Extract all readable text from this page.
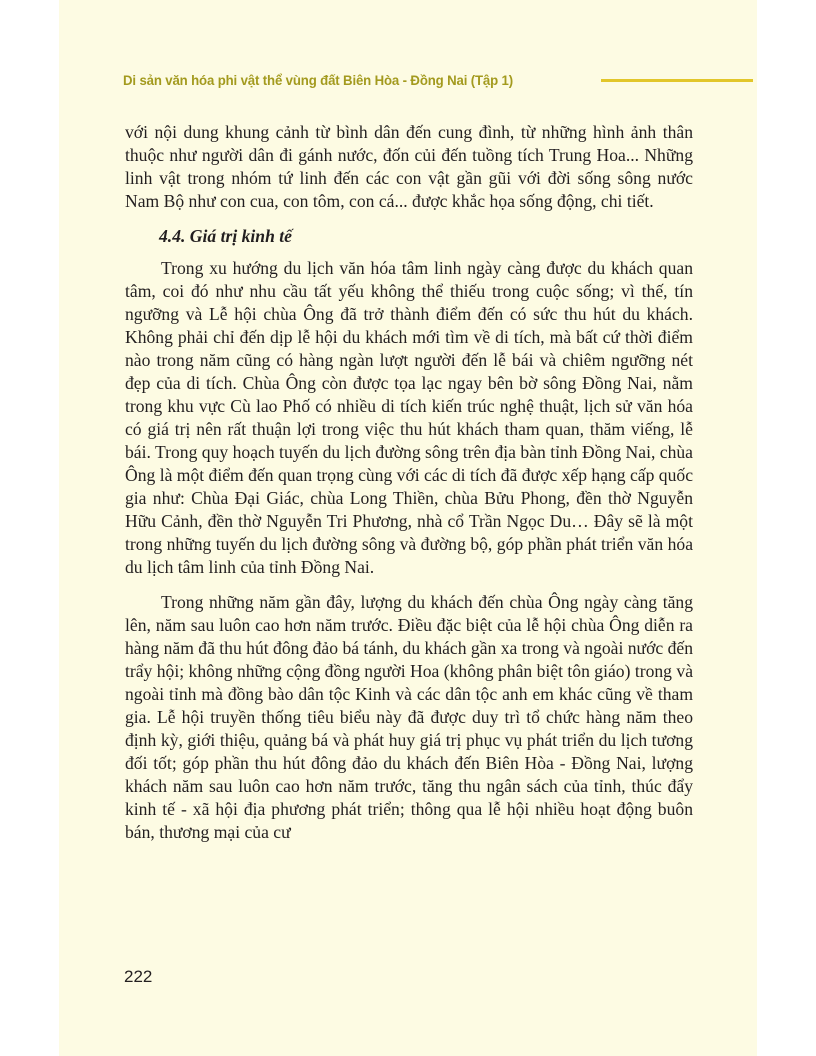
Di sản văn hóa phi vật thể vùng đất Biên Hòa - Đồng Nai (Tập 1)

với nội dung khung cảnh từ bình dân đến cung đình, từ những hình ảnh thân thuộc như người dân đi gánh nước, đốn củi đến tuồng tích Trung Hoa... Những linh vật trong nhóm tứ linh đến các con vật gần gũi với đời sống sông nước Nam Bộ như con cua, con tôm, con cá... được khắc họa sống động, chi tiết.

4.4. Giá trị kinh tế

Trong xu hướng du lịch văn hóa tâm linh ngày càng được du khách quan tâm, coi đó như nhu cầu tất yếu không thể thiếu trong cuộc sống; vì thế, tín ngưỡng và Lễ hội chùa Ông đã trở thành điểm đến có sức thu hút du khách. Không phải chỉ đến dịp lễ hội du khách mới tìm về di tích, mà bất cứ thời điểm nào trong năm cũng có hàng ngàn lượt người đến lễ bái và chiêm ngưỡng nét đẹp của di tích. Chùa Ông còn được tọa lạc ngay bên bờ sông Đồng Nai, nằm trong khu vực Cù lao Phố có nhiều di tích kiến trúc nghệ thuật, lịch sử văn hóa có giá trị nên rất thuận lợi trong việc thu hút khách tham quan, thăm viếng, lễ bái. Trong quy hoạch tuyến du lịch đường sông trên địa bàn tỉnh Đồng Nai, chùa Ông là một điểm đến quan trọng cùng với các di tích đã được xếp hạng cấp quốc gia như: Chùa Đại Giác, chùa Long Thiền, chùa Bửu Phong, đền thờ Nguyễn Hữu Cảnh, đền thờ Nguyễn Tri Phương, nhà cổ Trần Ngọc Du… Đây sẽ là một trong những tuyến du lịch đường sông và đường bộ, góp phần phát triển văn hóa du lịch tâm linh của tỉnh Đồng Nai.

Trong những năm gần đây, lượng du khách đến chùa Ông ngày càng tăng lên, năm sau luôn cao hơn năm trước. Điều đặc biệt của lễ hội chùa Ông diễn ra hàng năm đã thu hút đông đảo bá tánh, du khách gần xa trong và ngoài nước đến trẩy hội; không những cộng đồng người Hoa (không phân biệt tôn giáo) trong và ngoài tỉnh mà đồng bào dân tộc Kinh và các dân tộc anh em khác cũng về tham gia. Lễ hội truyền thống tiêu biểu này đã được duy trì tổ chức hàng năm theo định kỳ, giới thiệu, quảng bá và phát huy giá trị phục vụ phát triển du lịch tương đối tốt; góp phần thu hút đông đảo du khách đến Biên Hòa - Đồng Nai, lượng khách năm sau luôn cao hơn năm trước, tăng thu ngân sách của tỉnh, thúc đẩy kinh tế - xã hội địa phương phát triển; thông qua lễ hội nhiều hoạt động buôn bán, thương mại của cư

222
